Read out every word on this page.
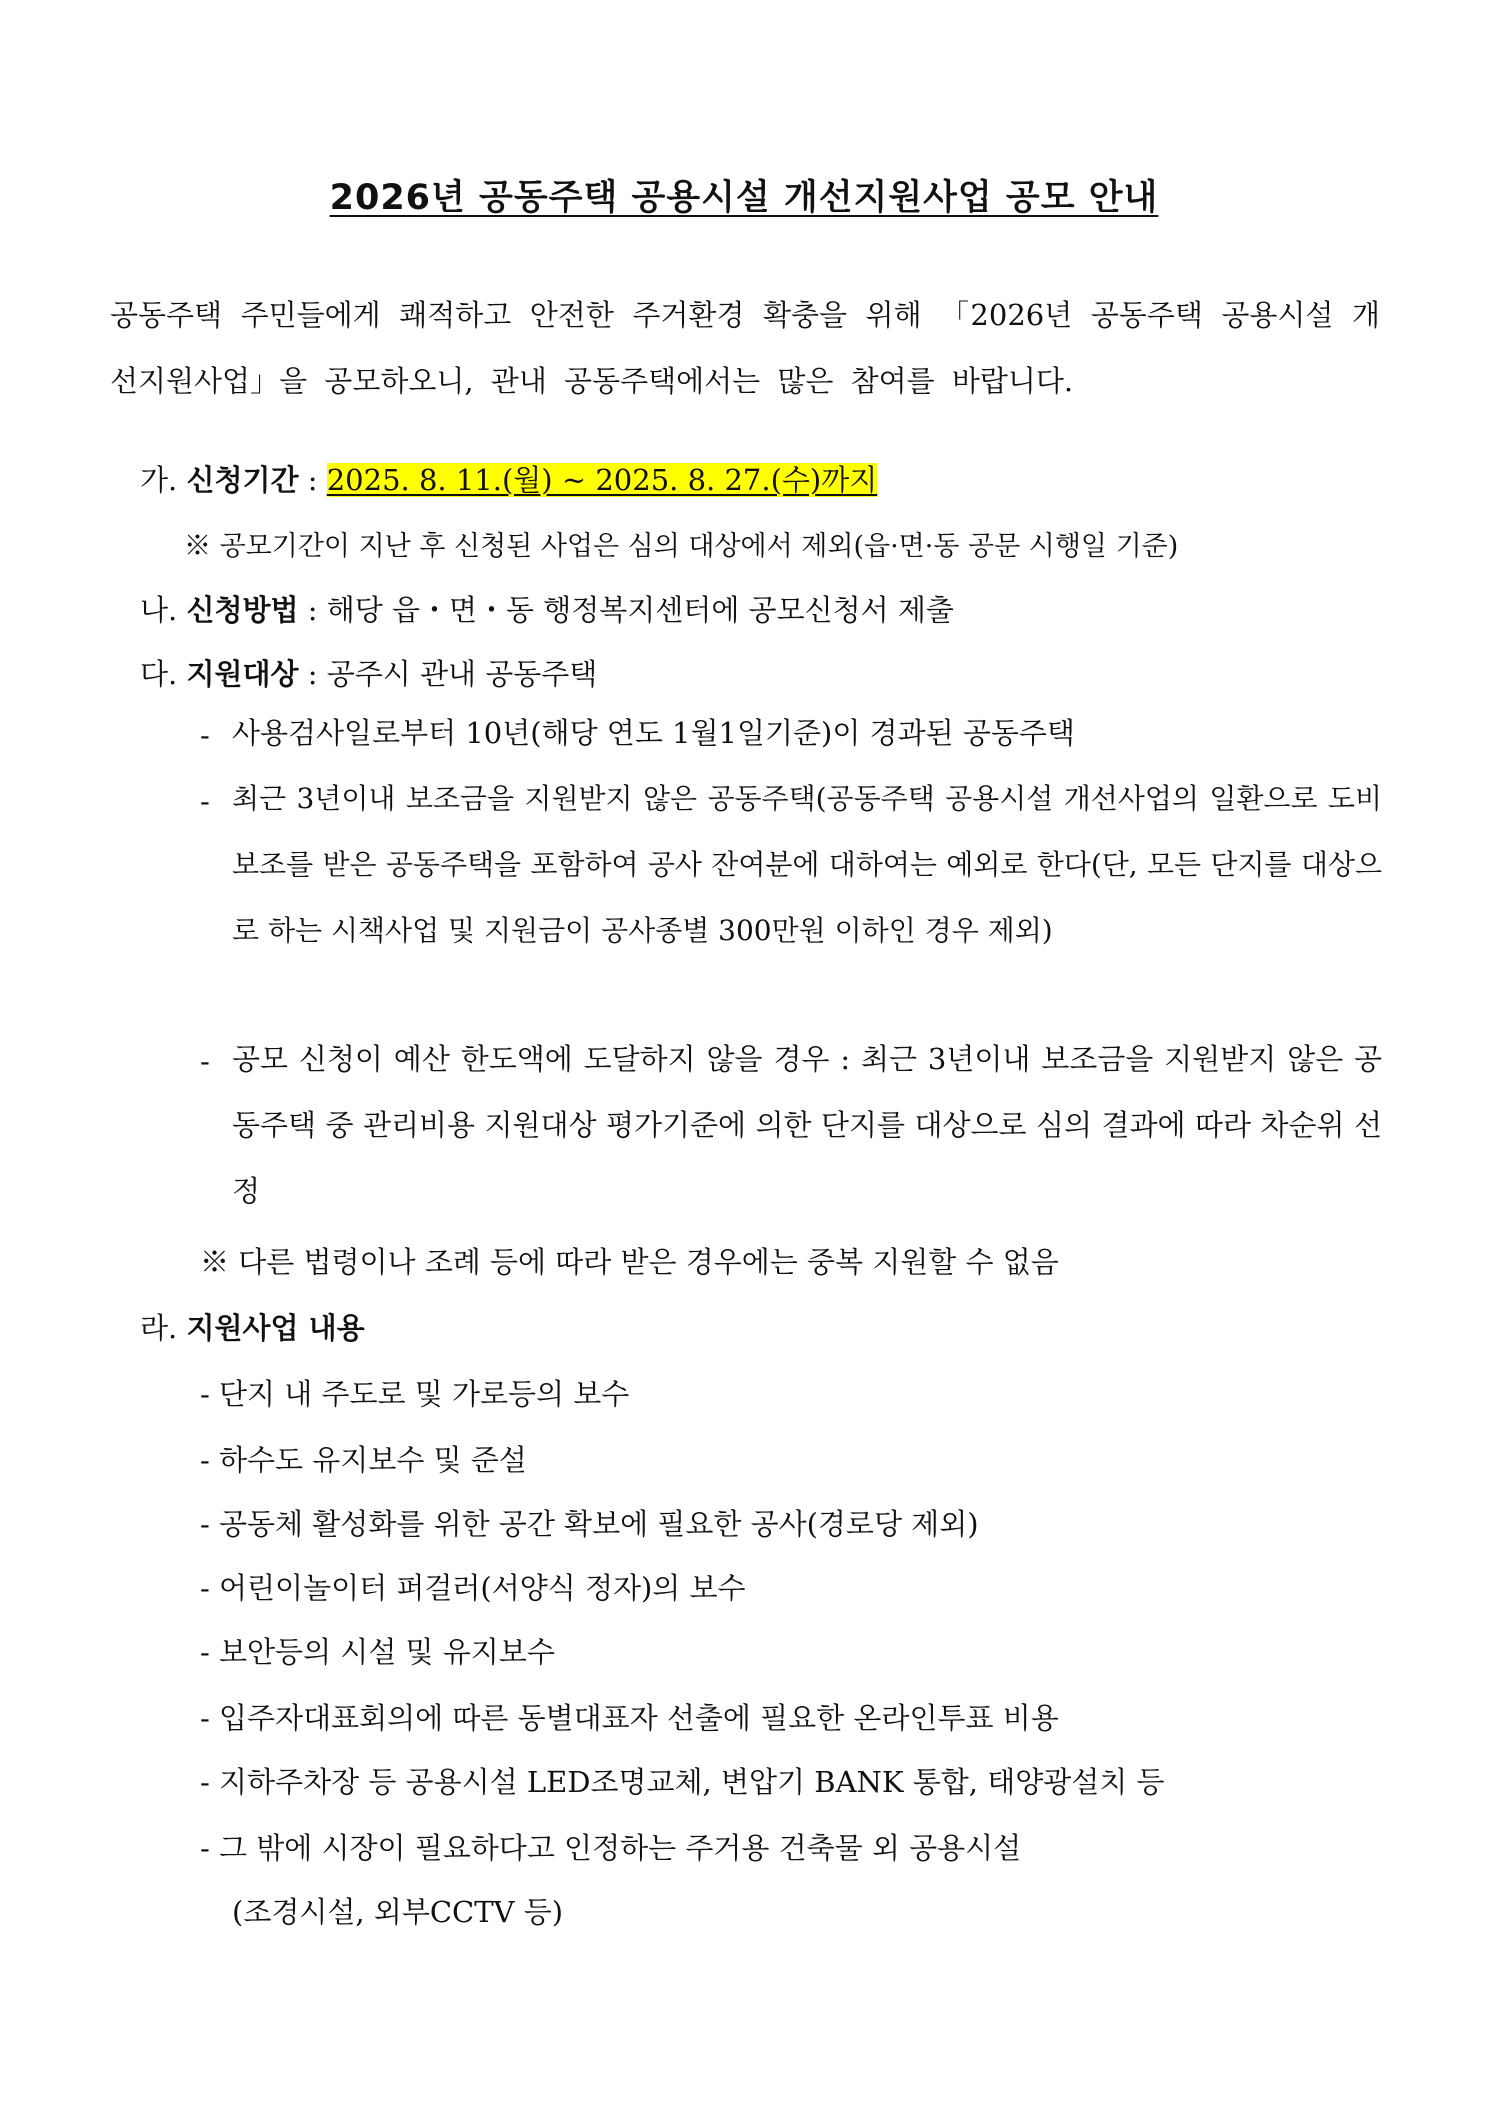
2026년 공동주택 공용시설 개선지원사업 공모 안내
공동주택 주민들에게 쾌적하고 안전한 주거환경 확충을 위해 「2026년 공동주택 공용시설 개선지원사업」을 공모하오니, 관내 공동주택에서는 많은 참여를 바랍니다.
가. 신청기간 : 2025. 8. 11.(월) ~ 2025. 8. 27.(수)까지
※ 공모기간이 지난 후 신청된 사업은 심의 대상에서 제외(읍·면·동 공문 시행일 기준)
나. 신청방법 : 해당 읍・면・동 행정복지센터에 공모신청서 제출
다. 지원대상 : 공주시 관내 공동주택
- 사용검사일로부터 10년(해당 연도 1월1일기준)이 경과된 공동주택
- 최근 3년이내 보조금을 지원받지 않은 공동주택(공동주택 공용시설 개선사업의 일환으로 도비 보조를 받은 공동주택을 포함하여 공사 잔여분에 대하여는 예외로 한다(단, 모든 단지를 대상으로 하는 시책사업 및 지원금이 공사종별 300만원 이하인 경우 제외)
- 공모 신청이 예산 한도액에 도달하지 않을 경우 : 최근 3년이내 보조금을 지원받지 않은 공동주택 중 관리비용 지원대상 평가기준에 의한 단지를 대상으로 심의 결과에 따라 차순위 선정
※ 다른 법령이나 조례 등에 따라 받은 경우에는 중복 지원할 수 없음
라. 지원사업 내용
- 단지 내 주도로 및 가로등의 보수
- 하수도 유지보수 및 준설
- 공동체 활성화를 위한 공간 확보에 필요한 공사(경로당 제외)
- 어린이놀이터 퍼걸러(서양식 정자)의 보수
- 보안등의 시설 및 유지보수
- 입주자대표회의에 따른 동별대표자 선출에 필요한 온라인투표 비용
- 지하주차장 등 공용시설 LED조명교체, 변압기 BANK 통합, 태양광설치 등
- 그 밖에 시장이 필요하다고 인정하는 주거용 건축물 외 공용시설
(조경시설, 외부CCTV 등)
